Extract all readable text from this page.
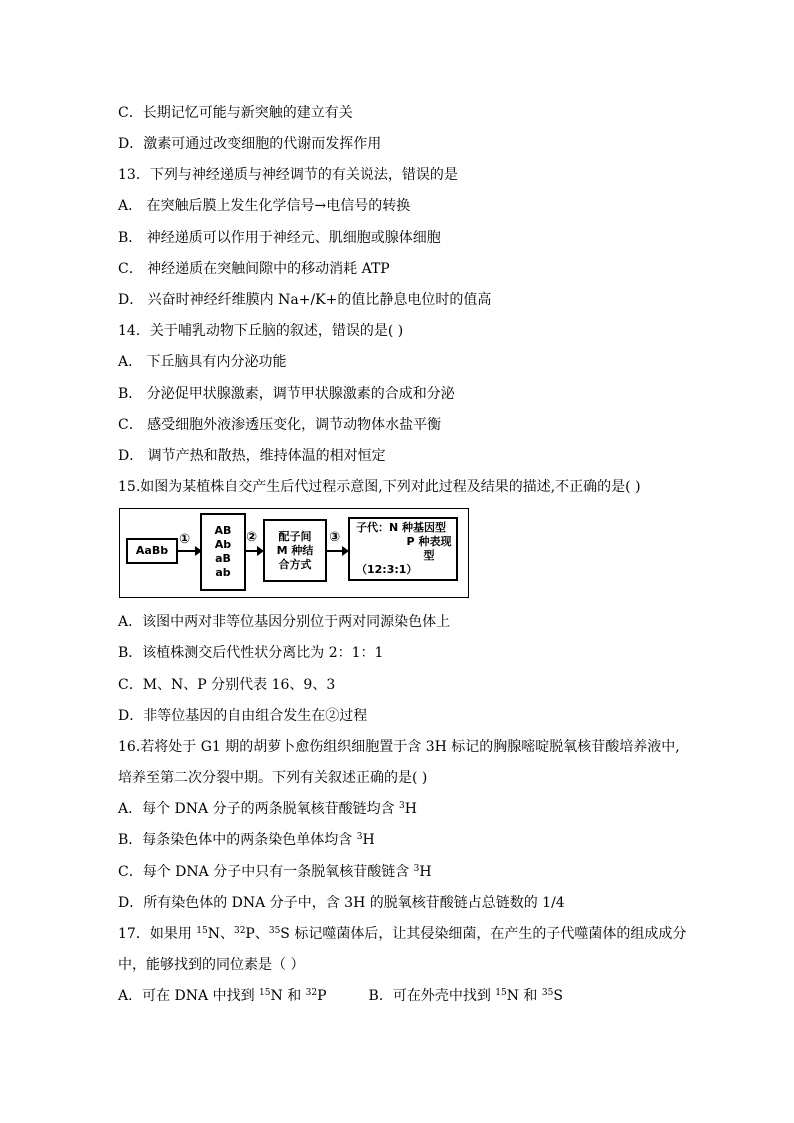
C．长期记忆可能与新突触的建立有关
D．激素可通过改变细胞的代谢而发挥作用
13．下列与神经递质与神经调节的有关说法，错误的是
A． 在突触后膜上发生化学信号→电信号的转换
B． 神经递质可以作用于神经元、肌细胞或腺体细胞
C． 神经递质在突触间隙中的移动消耗 ATP
D． 兴奋时神经纤维膜内 Na+/K+的值比静息电位时的值高
14．关于哺乳动物下丘脑的叙述，错误的是( )
A． 下丘脑具有内分泌功能
B． 分泌促甲状腺激素，调节甲状腺激素的合成和分泌
C． 感受细胞外液渗透压变化，调节动物体水盐平衡
D． 调节产热和散热，维持体温的相对恒定
15.如图为某植株自交产生后代过程示意图,下列对此过程及结果的描述,不正确的是( )
AaBb
①
AB
Ab
aB
ab
② 配子间
M 种结
合方式
③
子代：N 种基因型
P 种表现型
（12:3:1）
A．该图中两对非等位基因分别位于两对同源染色体上
B．该植株测交后代性状分离比为 2：1：1
C．M、N、P 分别代表 16、9、3
D．非等位基因的自由组合发生在②过程
16.若将处于 G1 期的胡萝卜愈伤组织细胞置于含 3H 标记的胸腺嘧啶脱氧核苷酸培养液中,
培养至第二次分裂中期。下列有关叙述正确的是( )
A．每个 DNA 分子的两条脱氧核苷酸链均含 $^3$H
B．每条染色体中的两条染色单体均含 $^3$H
C．每个 DNA 分子中只有一条脱氧核苷酸链含 $^3$H
D．所有染色体的 DNA 分子中，含 3H 的脱氧核苷酸链占总链数的 1/4
17．如果用 $^{15}$N、$^{32}$P、$^{35}$S 标记噬菌体后，让其侵染细菌，在产生的子代噬菌体的组成成分
中，能够找到的同位素是（ ）
A．可在 DNA 中找到 $^{15}$N 和 $^{32}$P	B．可在外壳中找到 $^{15}$N 和 $^{35}$S
